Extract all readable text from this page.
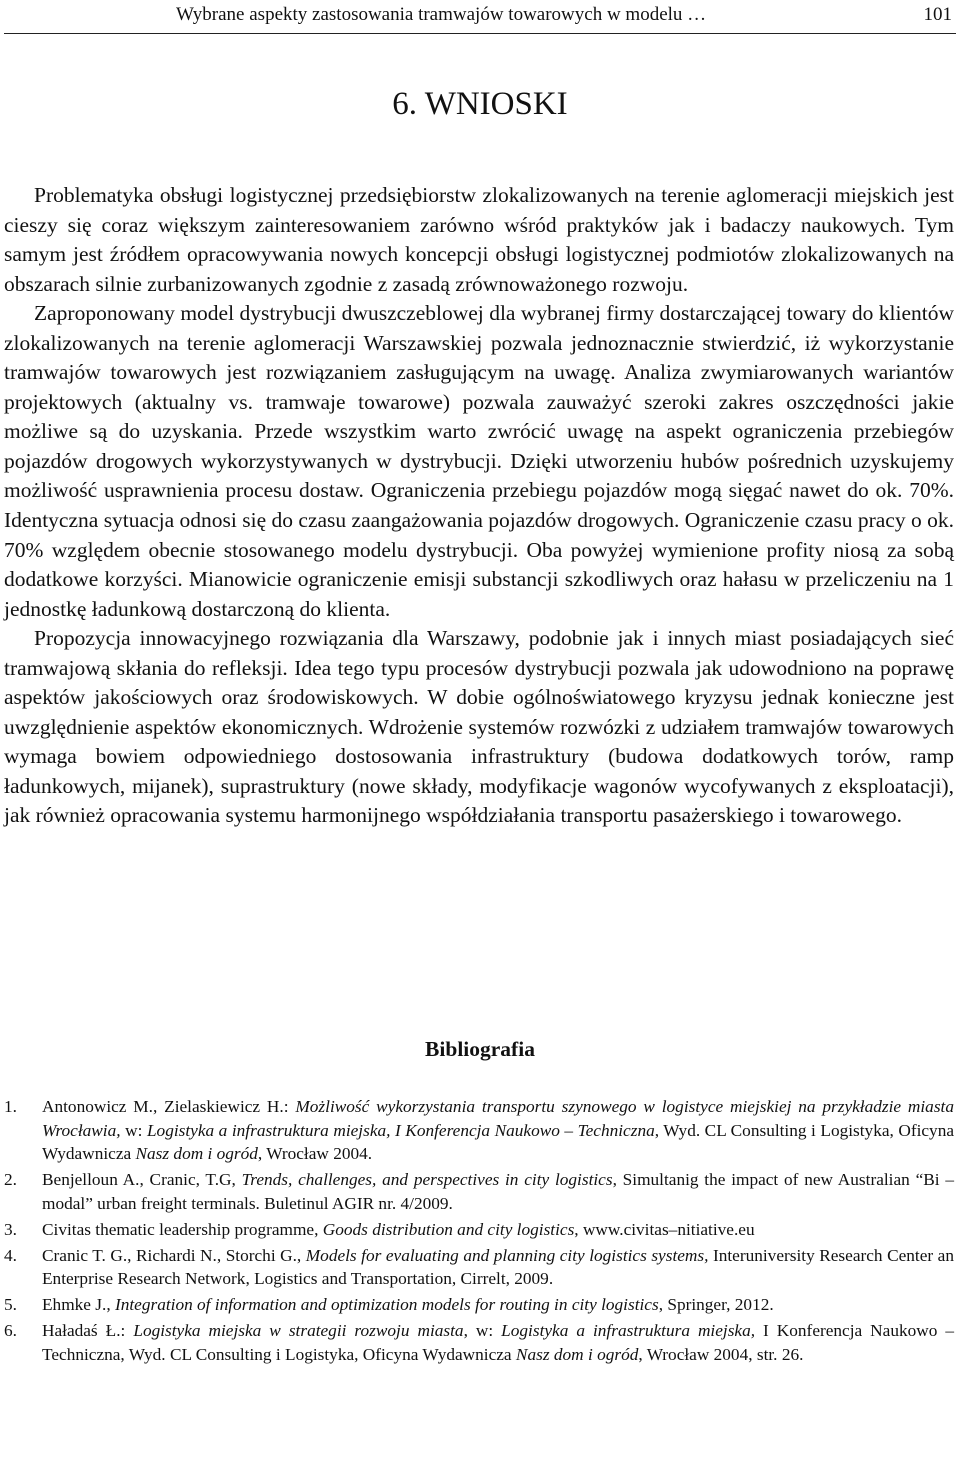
Wybrane aspekty zastosowania tramwajów towarowych w modelu …	101
6. WNIOSKI

Problematyka obsługi logistycznej przedsiębiorstw zlokalizowanych na terenie aglomeracji miejskich jest cieszy się coraz większym zainteresowaniem zarówno wśród praktyków jak i badaczy naukowych. Tym samym jest źródłem opracowywania nowych koncepcji obsługi logistycznej podmiotów zlokalizowanych na obszarach silnie zurbanizowanych zgodnie z zasadą zrównoważonego rozwoju.

Zaproponowany model dystrybucji dwuszczeblowej dla wybranej firmy dostarczającej towary do klientów zlokalizowanych na terenie aglomeracji Warszawskiej pozwala jednoznacznie stwierdzić, iż wykorzystanie tramwajów towarowych jest rozwiązaniem zasługującym na uwagę. Analiza zwymiarowanych wariantów projektowych (aktualny vs. tramwaje towarowe) pozwala zauważyć szeroki zakres oszczędności jakie możliwe są do uzyskania. Przede wszystkim warto zwrócić uwagę na aspekt ograniczenia przebiegów pojazdów drogowych wykorzystywanych w dystrybucji. Dzięki utworzeniu hubów pośrednich uzyskujemy możliwość usprawnienia procesu dostaw. Ograniczenia przebiegu pojazdów mogą sięgać nawet do ok. 70%. Identyczna sytuacja odnosi się do czasu zaangażowania pojazdów drogowych. Ograniczenie czasu pracy o ok. 70% względem obecnie stosowanego modelu dystrybucji. Oba powyżej wymienione profity niosą za sobą dodatkowe korzyści. Mianowicie ograniczenie emisji substancji szkodliwych oraz hałasu w przeliczeniu na 1 jednostkę ładunkową dostarczoną do klienta.

Propozycja innowacyjnego rozwiązania dla Warszawy, podobnie jak i innych miast posiadających sieć tramwajową skłania do refleksji. Idea tego typu procesów dystrybucji pozwala jak udowodniono na poprawę aspektów jakościowych oraz środowiskowych. W dobie ogólnoświatowego kryzysu jednak konieczne jest uwzględnienie aspektów ekonomicznych. Wdrożenie systemów rozwózki z udziałem tramwajów towarowych wymaga bowiem odpowiedniego dostosowania infrastruktury (budowa dodatkowych torów, ramp ładunkowych, mijanek), suprastruktury (nowe składy, modyfikacje wagonów wycofywanych z eksploatacji), jak również opracowania systemu harmonijnego współdziałania transportu pasażerskiego i towarowego.

Bibliografia
1. Antonowicz M., Zielaskiewicz H.: Możliwość wykorzystania transportu szynowego w logistyce miejskiej na przykładzie miasta Wrocławia, w: Logistyka a infrastruktura miejska, I Konferencja Naukowo – Techniczna, Wyd. CL Consulting i Logistyka, Oficyna Wydawnicza Nasz dom i ogród, Wrocław 2004.
2. Benjelloun A., Cranic, T.G, Trends, challenges, and perspectives in city logistics, Simultanig the impact of new Australian “Bi – modal” urban freight terminals. Buletinul AGIR nr. 4/2009.
3. Civitas thematic leadership programme, Goods distribution and city logistics, www.civitas–nitiative.eu
4. Cranic T. G., Richardi N., Storchi G., Models for evaluating and planning city logistics systems, Interuniversity Research Center an Enterprise Research Network, Logistics and Transportation, Cirrelt, 2009.
5. Ehmke J., Integration of information and optimization models for routing in city logistics, Springer, 2012.
6. Haładaś Ł.: Logistyka miejska w strategii rozwoju miasta, w: Logistyka a infrastruktura miejska, I Konferencja Naukowo – Techniczna, Wyd. CL Consulting i Logistyka, Oficyna Wydawnicza Nasz dom i ogród, Wrocław 2004, str. 26.
